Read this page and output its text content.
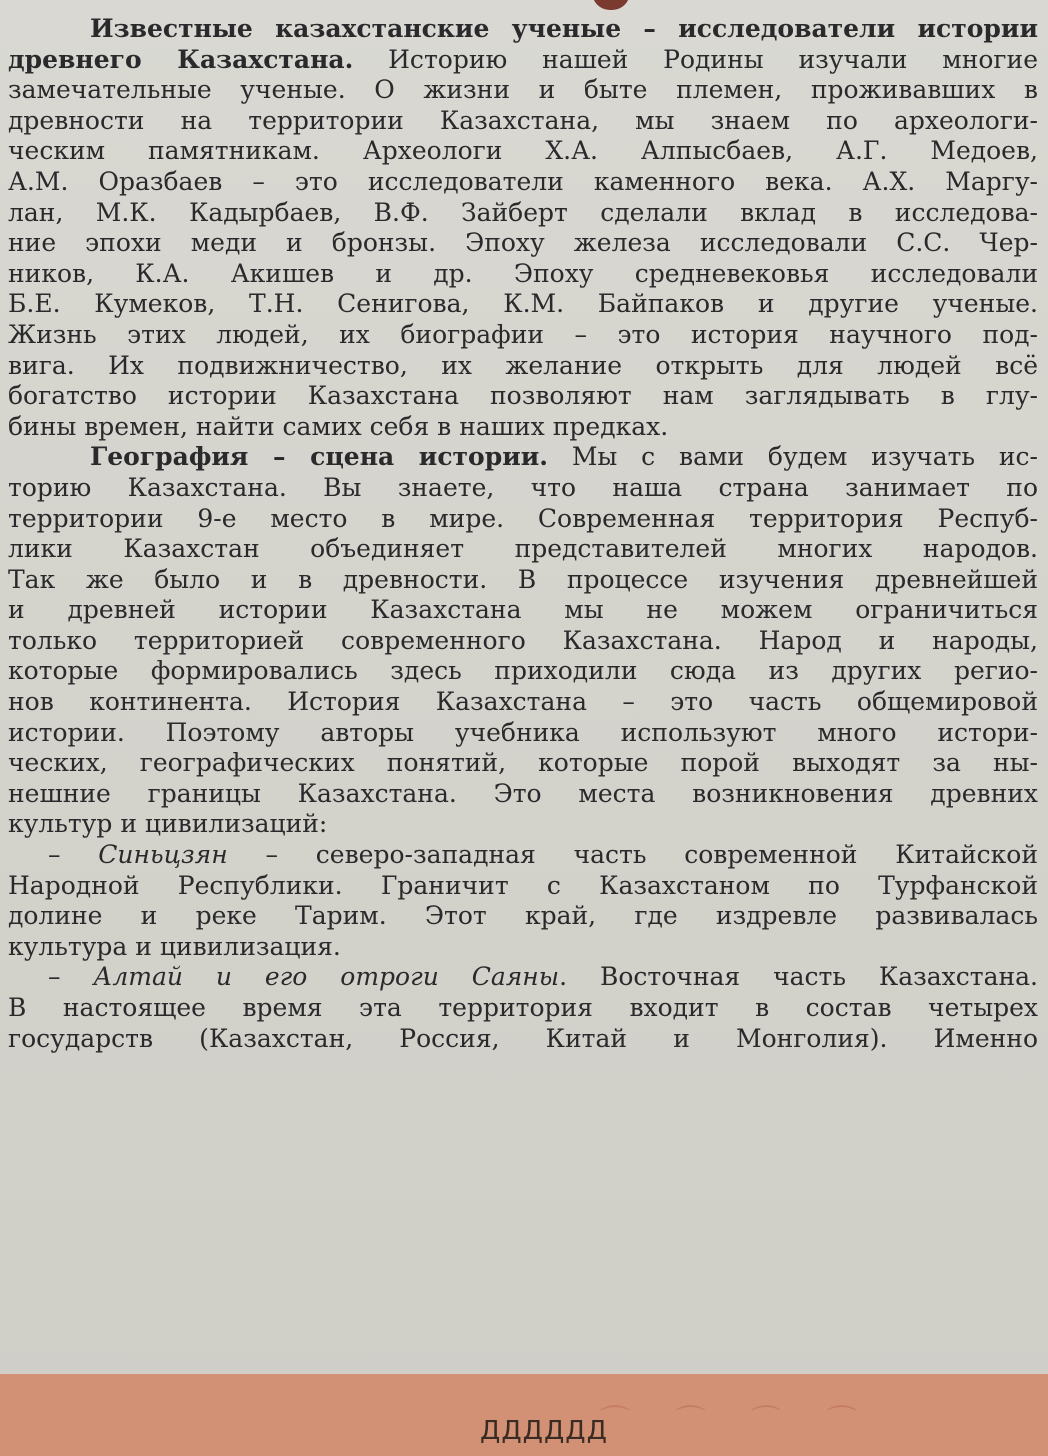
Известные казахстанские ученые – исследователи истории
древнего Казахстана. Историю нашей Родины изучали многие
замечательные ученые. О жизни и быте племен, проживавших в
древности на территории Казахстана, мы знаем по археологи-
ческим памятникам. Археологи Х.А. Алпысбаев, А.Г. Медоев,
А.М. Оразбаев – это исследователи каменного века. А.Х. Маргу-
лан, М.К. Кадырбаев, В.Ф. Зайберт сделали вклад в исследова-
ние эпохи меди и бронзы. Эпоху железа исследовали С.С. Чер-
ников, К.А. Акишев и др. Эпоху средневековья исследовали
Б.Е. Кумеков, Т.Н. Сенигова, К.М. Байпаков и другие ученые.
Жизнь этих людей, их биографии – это история научного под-
вига. Их подвижничество, их желание открыть для людей всё
богатство истории Казахстана позволяют нам заглядывать в глу-
бины времен, найти самих себя в наших предках.
География – сцена истории. Мы с вами будем изучать ис-
торию Казахстана. Вы знаете, что наша страна занимает по
территории 9-е место в мире. Современная территория Респуб-
лики Казахстан объединяет представителей многих народов.
Так же было и в древности. В процессе изучения древнейшей
и древней истории Казахстана мы не можем ограничиться
только территорией современного Казахстана. Народ и народы,
которые формировались здесь приходили сюда из других регио-
нов континента. История Казахстана – это часть общемировой
истории. Поэтому авторы учебника используют много истори-
ческих, географических понятий, которые порой выходят за ны-
нешние границы Казахстана. Это места возникновения древних
культур и цивилизаций:
– Синьцзян – северо-западная часть современной Китайской
Народной Республики. Граничит с Казахстаном по Турфанской
долине и реке Тарим. Этот край, где издревле развивалась
культура и цивилизация.
– Алтай и его отроги Саяны. Восточная часть Казахстана.
В настоящее время эта территория входит в состав четырех
государств (Казахстан, Россия, Китай и Монголия). Именно
⌒ ⌒ ⌒ ⌒
ДДДДДД
